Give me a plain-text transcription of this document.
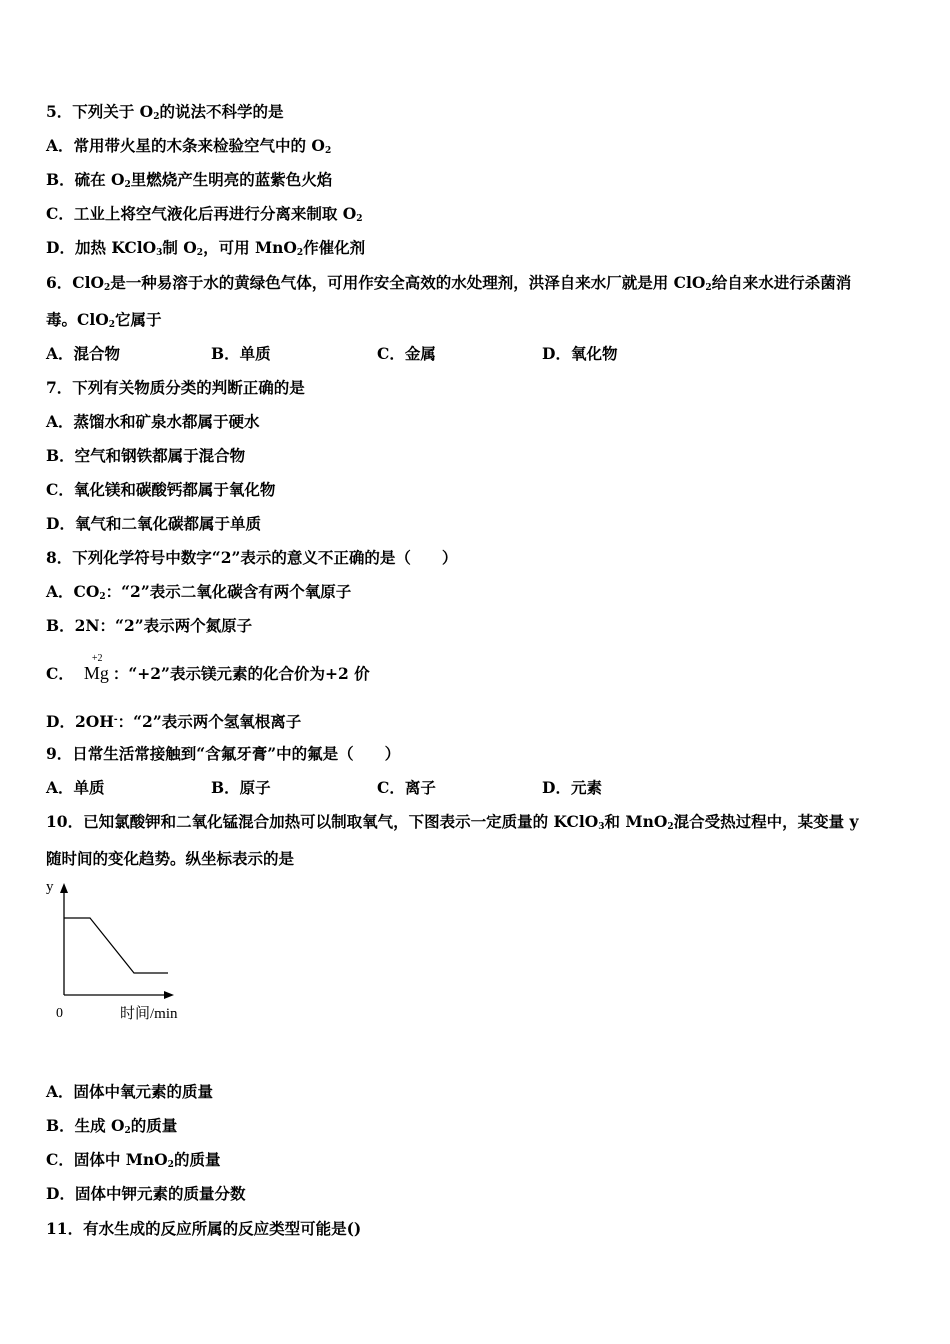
5．下列关于 $O_2$的说法不科学的是
A．常用带火星的木条来检验空气中的 $O_2$
B．硫在 $O_2$里燃烧产生明亮的蓝紫色火焰
C．工业上将空气液化后再进行分离来制取 $O_2$
D．加热 KClO$_3$制 $O_2$，可用 MnO$_2$作催化剂
6．ClO$_2$是一种易溶于水的黄绿色气体，可用作安全高效的水处理剂，洪泽自来水厂就是用 ClO$_2$给自来水进行杀菌消
毒。ClO$_2$它属于
A．混合物	B．单质	C．金属	D．氧化物
7．下列有关物质分类的判断正确的是
A．蒸馏水和矿泉水都属于硬水
B．空气和钢铁都属于混合物
C．氧化镁和碳酸钙都属于氧化物
D．氧气和二氧化碳都属于单质
8．下列化学符号中数字“2”表示的意义不正确的是（　　）
A．$CO_2$：“2”表示二氧化碳含有两个氧原子
B．2N：“2”表示两个氮原子
C．
+2
Mg ：“+2”表示镁元素的化合价为+2 价
D．2OH-：“2”表示两个氢氧根离子
9．日常生活常接触到“含氟牙膏”中的氟是（　　）
A．单质	B．原子	C．离子	D．元素
10．已知氯酸钾和二氧化锰混合加热可以制取氧气，下图表示一定质量的 KClO$_3$和 MnO$_2$混合受热过程中，某变量 y
随时间的变化趋势。纵坐标表示的是
y
0	时间/min
A．固体中氧元素的质量
B．生成 $O_2$的质量
C．固体中 MnO$_2$的质量
D．固体中钾元素的质量分数
11．有水生成的反应所属的反应类型可能是()
